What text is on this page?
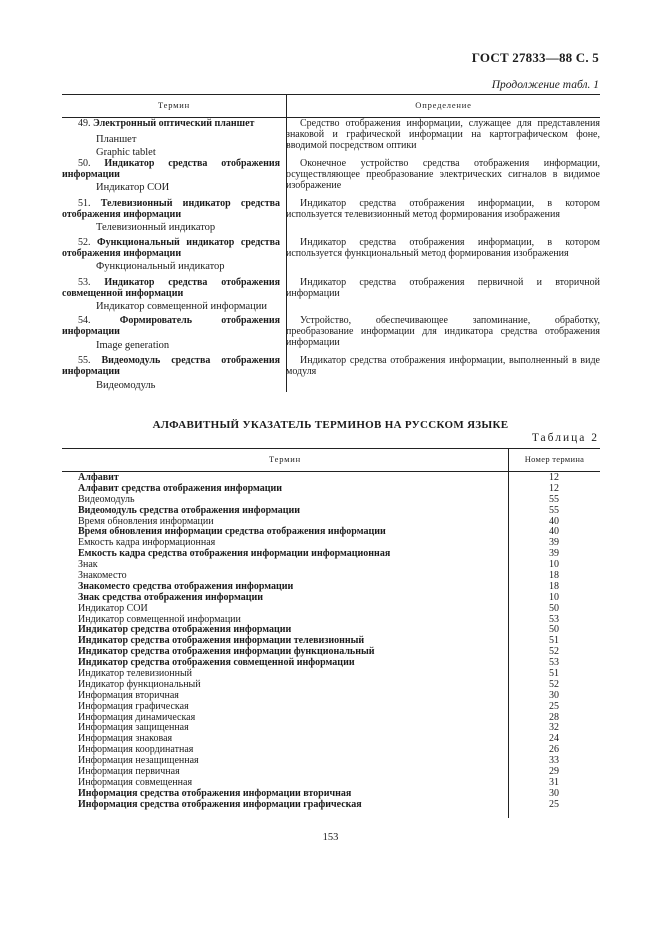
ГОСТ 27833—88 С. 5
Продолжение табл. 1
Термин	Определение
49. Электронный оптический планшет
Планшет
Graphic tablet
Средство отображения информации, служащее для представления знаковой и графической информации на картографическом фоне, вводимой посредством оптики
50. Индикатор средства отображения информации
Индикатор СОИ
Оконечное устройство средства отображения информации, осуществляющее преобразование электрических сигналов в видимое изображение
51. Телевизионный индикатор средства отображения информации
Телевизионный индикатор
Индикатор средства отображения информации, в котором используется телевизионный метод формирования изображения
52. Функциональный индикатор средства отображения информации
Функциональный индикатор
Индикатор средства отображения информации, в котором используется функциональный метод формирования изображения
53. Индикатор средства отображения совмещенной информации
Индикатор совмещенной информации
Индикатор средства отображения первичной и вторичной информации
54.	Формирователь отображения информации
Image generation
Устройство, обеспечивающее запоминание, обработку, преобразование информации для индикатора средства отображения информации
55. Видеомодуль средства отображения информации
Видеомодуль
Индикатор средства отображения информации, выполненный в виде модуля
АЛФАВИТНЫЙ УКАЗАТЕЛЬ ТЕРМИНОВ НА РУССКОМ ЯЗЫКЕ
Таблица 2
Термин	Номер термина
Алфавит	12
Алфавит средства отображения информации	12
Видеомодуль	55
Видеомодуль средства отображения информации	55
Время обновления информации	40
Время обновления информации средства отображения информации	40
Емкость кадра информационная	39
Емкость кадра средства отображения информации информационная	39
Знак	10
Знакоместо	18
Знакоместо средства отображения информации	18
Знак средства отображения информации	10
Индикатор СОИ	50
Индикатор совмещенной информации	53
Индикатор средства отображения информации	50
Индикатор средства отображения информации телевизионный	51
Индикатор средства отображения информации функциональный	52
Индикатор средства отображения совмещенной информации	53
Индикатор телевизионный	51
Индикатор функциональный	52
Информация вторичная	30
Информация графическая	25
Информация динамическая	28
Информация защищенная	32
Информация знаковая	24
Информация координатная	26
Информация незащищенная	33
Информация первичная	29
Информация совмещенная	31
Информация средства отображения информации вторичная	30
Информация средства отображения информации графическая	25
153
